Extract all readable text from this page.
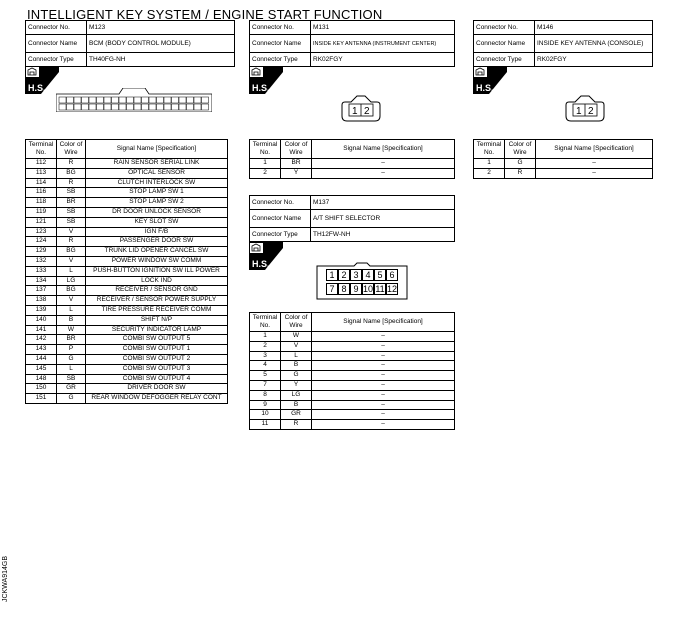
INTELLIGENT KEY SYSTEM / ENGINE START FUNCTION
Connector No.	M123
Connector Name	BCM (BODY CONTROL MODULE)
Connector Type	TH40FG-NH
Connector No.	M131
Connector Name	INSIDE KEY ANTENNA (INSTRUMENT CENTER)
Connector Type	RK02FGY
Connector No.	M146
Connector Name	INSIDE KEY ANTENNA (CONSOLE)
Connector Type	RK02FGY
H.S.	H.S.	H.S.
H.S.
1 2	1 2
Terminal No.	Color of Wire	Signal Name [Specification]
112	R	RAIN SENSOR SERIAL LINK
113	BG	OPTICAL SENSOR
114	R	CLUTCH INTERLOCK SW
116	SB	STOP LAMP SW 1
118	BR	STOP LAMP SW 2
119	SB	DR DOOR UNLOCK SENSOR
121	SB	KEY SLOT SW
123	V	IGN F/B
124	R	PASSENGER DOOR SW
129	BG	TRUNK LID OPENER CANCEL SW
132	V	POWER WINDOW SW COMM
133	L	PUSH-BUTTON IGNITION SW ILL POWER
134	LG	LOCK IND
137	BG	RECEIVER / SENSOR GND
138	V	RECEIVER / SENSOR POWER SUPPLY
139	L	TIRE PRESSURE RECEIVER COMM
140	B	SHIFT N/P
141	W	SECURITY INDICATOR LAMP
142	BR	COMBI SW OUTPUT 5
143	P	COMBI SW OUTPUT 1
144	G	COMBI SW OUTPUT 2
145	L	COMBI SW OUTPUT 3
148	SB	COMBI SW OUTPUT 4
150	GR	DRIVER DOOR SW
151	G	REAR WINDOW DEFOGGER RELAY CONT
Terminal No.	Color of Wire	Signal Name [Specification]
1	BR	–
2	Y	–
Terminal No.	Color of Wire	Signal Name [Specification]
1	G	–
2	R	–
Connector No.	M137
Connector Name	A/T SHIFT SELECTOR
Connector Type	TH12FW-NH
1 2 3 4 5 6
7 8 9 10 11 12
Terminal No.	Color of Wire	Signal Name [Specification]
1	W	–
2	V	–
3	L	–
4	B	–
5	G	–
7	Y	–
8	LG	–
9	B	–
10	GR	–
11	R	–
JCKWA914GB
